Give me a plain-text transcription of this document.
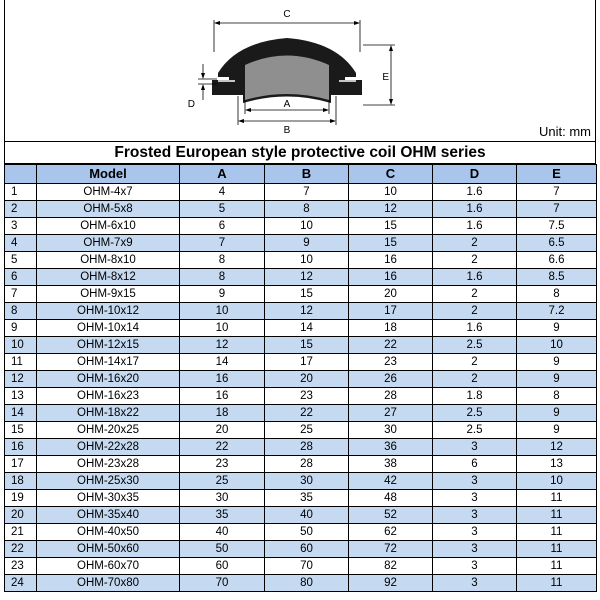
C
E
D	A
B	Unit: mm
Frosted European style protective coil OHM series
	Model	A	B	C	D	E
1	OHM-4x7	4	7	10	1.6	7
2	OHM-5x8	5	8	12	1.6	7
3	OHM-6x10	6	10	15	1.6	7.5
4	OHM-7x9	7	9	15	2	6.5
5	OHM-8x10	8	10	16	2	6.6
6	OHM-8x12	8	12	16	1.6	8.5
7	OHM-9x15	9	15	20	2	8
8	OHM-10x12	10	12	17	2	7.2
9	OHM-10x14	10	14	18	1.6	9
10	OHM-12x15	12	15	22	2.5	10
11	OHM-14x17	14	17	23	2	9
12	OHM-16x20	16	20	26	2	9
13	OHM-16x23	16	23	28	1.8	8
14	OHM-18x22	18	22	27	2.5	9
15	OHM-20x25	20	25	30	2.5	9
16	OHM-22x28	22	28	36	3	12
17	OHM-23x28	23	28	38	6	13
18	OHM-25x30	25	30	42	3	10
19	OHM-30x35	30	35	48	3	11
20	OHM-35x40	35	40	52	3	11
21	OHM-40x50	40	50	62	3	11
22	OHM-50x60	50	60	72	3	11
23	OHM-60x70	60	70	82	3	11
24	OHM-70x80	70	80	92	3	11
